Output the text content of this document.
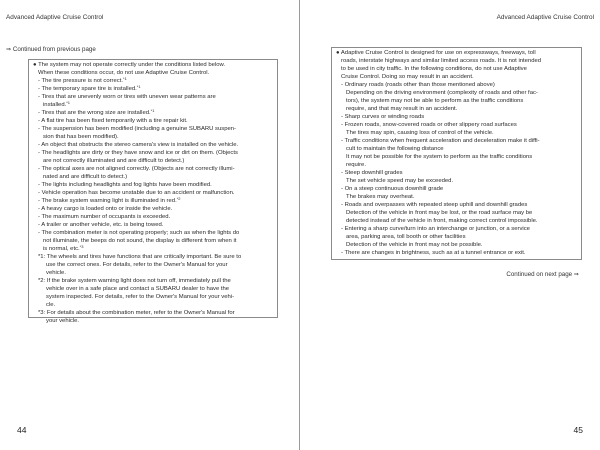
Advanced Adaptive Cruise Control	Advanced Adaptive Cruise Control
⇒ Continued from previous page
● The system may not operate correctly under the conditions listed below.
When these conditions occur, do not use Adaptive Cruise Control.
- The tire pressure is not correct.$^{*1}$
- The temporary spare tire is installed.$^{*1}$
- Tires that are unevenly worn or tires with uneven wear patterns are
installed.$^{*1}$
- Tires that are the wrong size are installed.$^{*1}$
- A flat tire has been fixed temporarily with a tire repair kit.
- The suspension has been modified (including a genuine SUBARU suspen-
sion that has been modified).
- An object that obstructs the stereo camera's view is installed on the vehicle.
- The headlights are dirty or they have snow and ice or dirt on them. (Objects
are not correctly illuminated and are difficult to detect.)
- The optical axes are not aligned correctly. (Objects are not correctly illumi-
nated and are difficult to detect.)
- The lights including headlights and fog lights have been modified.
- Vehicle operation has become unstable due to an accident or malfunction.
- The brake system warning light is illuminated in red.$^{*2}$
- A heavy cargo is loaded onto or inside the vehicle.
- The maximum number of occupants is exceeded.
- A trailer or another vehicle, etc. is being towed.
- The combination meter is not operating properly; such as when the lights do
not illuminate, the beeps do not sound, the display is different from when it
is normal, etc.$^{*3}$
*1: The wheels and tires have functions that are critically important. Be sure to
use the correct ones. For details, refer to the Owner's Manual for your
vehicle.
*2: If the brake system warning light does not turn off, immediately pull the
vehicle over in a safe place and contact a SUBARU dealer to have the
system inspected. For details, refer to the Owner's Manual for your vehi-
cle.
*3: For details about the combination meter, refer to the Owner's Manual for
your vehicle.
● Adaptive Cruise Control is designed for use on expressways, freeways, toll
roads, interstate highways and similar limited access roads. It is not intended
to be used in city traffic. In the following conditions, do not use Adaptive
Cruise Control. Doing so may result in an accident.
- Ordinary roads (roads other than those mentioned above)
Depending on the driving environment (complexity of roads and other fac-
tors), the system may not be able to perform as the traffic conditions
require, and that may result in an accident.
- Sharp curves or winding roads
- Frozen roads, snow-covered roads or other slippery road surfaces
The tires may spin, causing loss of control of the vehicle.
- Traffic conditions when frequent acceleration and deceleration make it diffi-
cult to maintain the following distance
It may not be possible for the system to perform as the traffic conditions
require.
- Steep downhill grades
The set vehicle speed may be exceeded.
- On a steep continuous downhill grade
The brakes may overheat.
- Roads and overpasses with repeated steep uphill and downhill grades
Detection of the vehicle in front may be lost, or the road surface may be
detected instead of the vehicle in front, making correct control impossible.
- Entering a sharp curve/turn into an interchange or junction, or a service
area, parking area, toll booth or other facilities
Detection of the vehicle in front may not be possible.
- There are changes in brightness, such as at a tunnel entrance or exit.
Continued on next page ⇒
44	45
